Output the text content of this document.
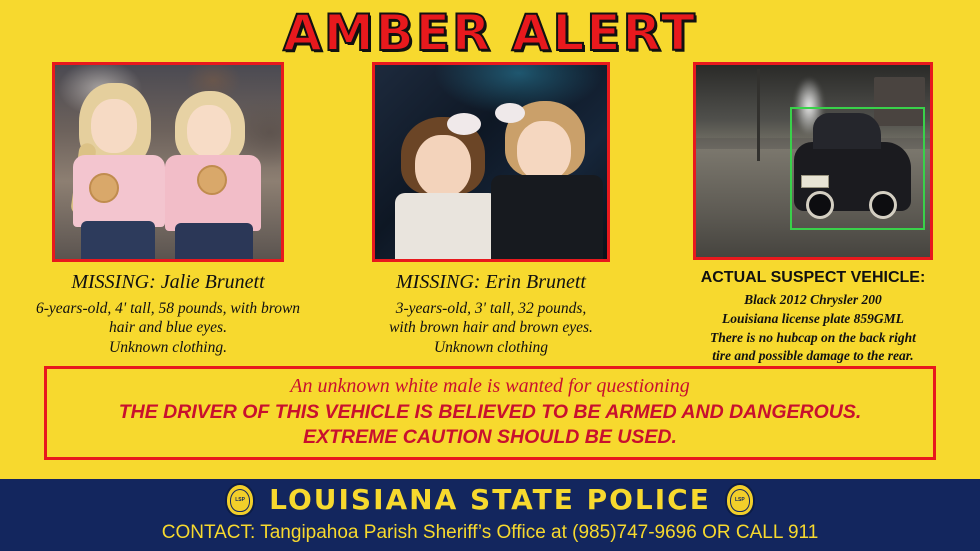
AMBER ALERT
MISSING: Jalie Brunett
6-years-old, 4' tall, 58 pounds, with brown
hair and blue eyes.
Unknown clothing.
MISSING: Erin Brunett
3-years-old, 3' tall, 32 pounds,
with brown hair and brown eyes.
Unknown clothing
ACTUAL SUSPECT VEHICLE:
Black 2012 Chrysler 200
Louisiana license plate 859GML
There is no hubcap on the back right
tire and possible damage to the rear.
An unknown white male is wanted for questioning
THE DRIVER OF THIS VEHICLE IS BELIEVED TO BE ARMED AND DANGEROUS.
EXTREME CAUTION SHOULD BE USED.
LSP LOUISIANA STATE POLICE	LSP
CONTACT: Tangipahoa Parish Sheriff’s Office at (985)747-9696 OR CALL 911
